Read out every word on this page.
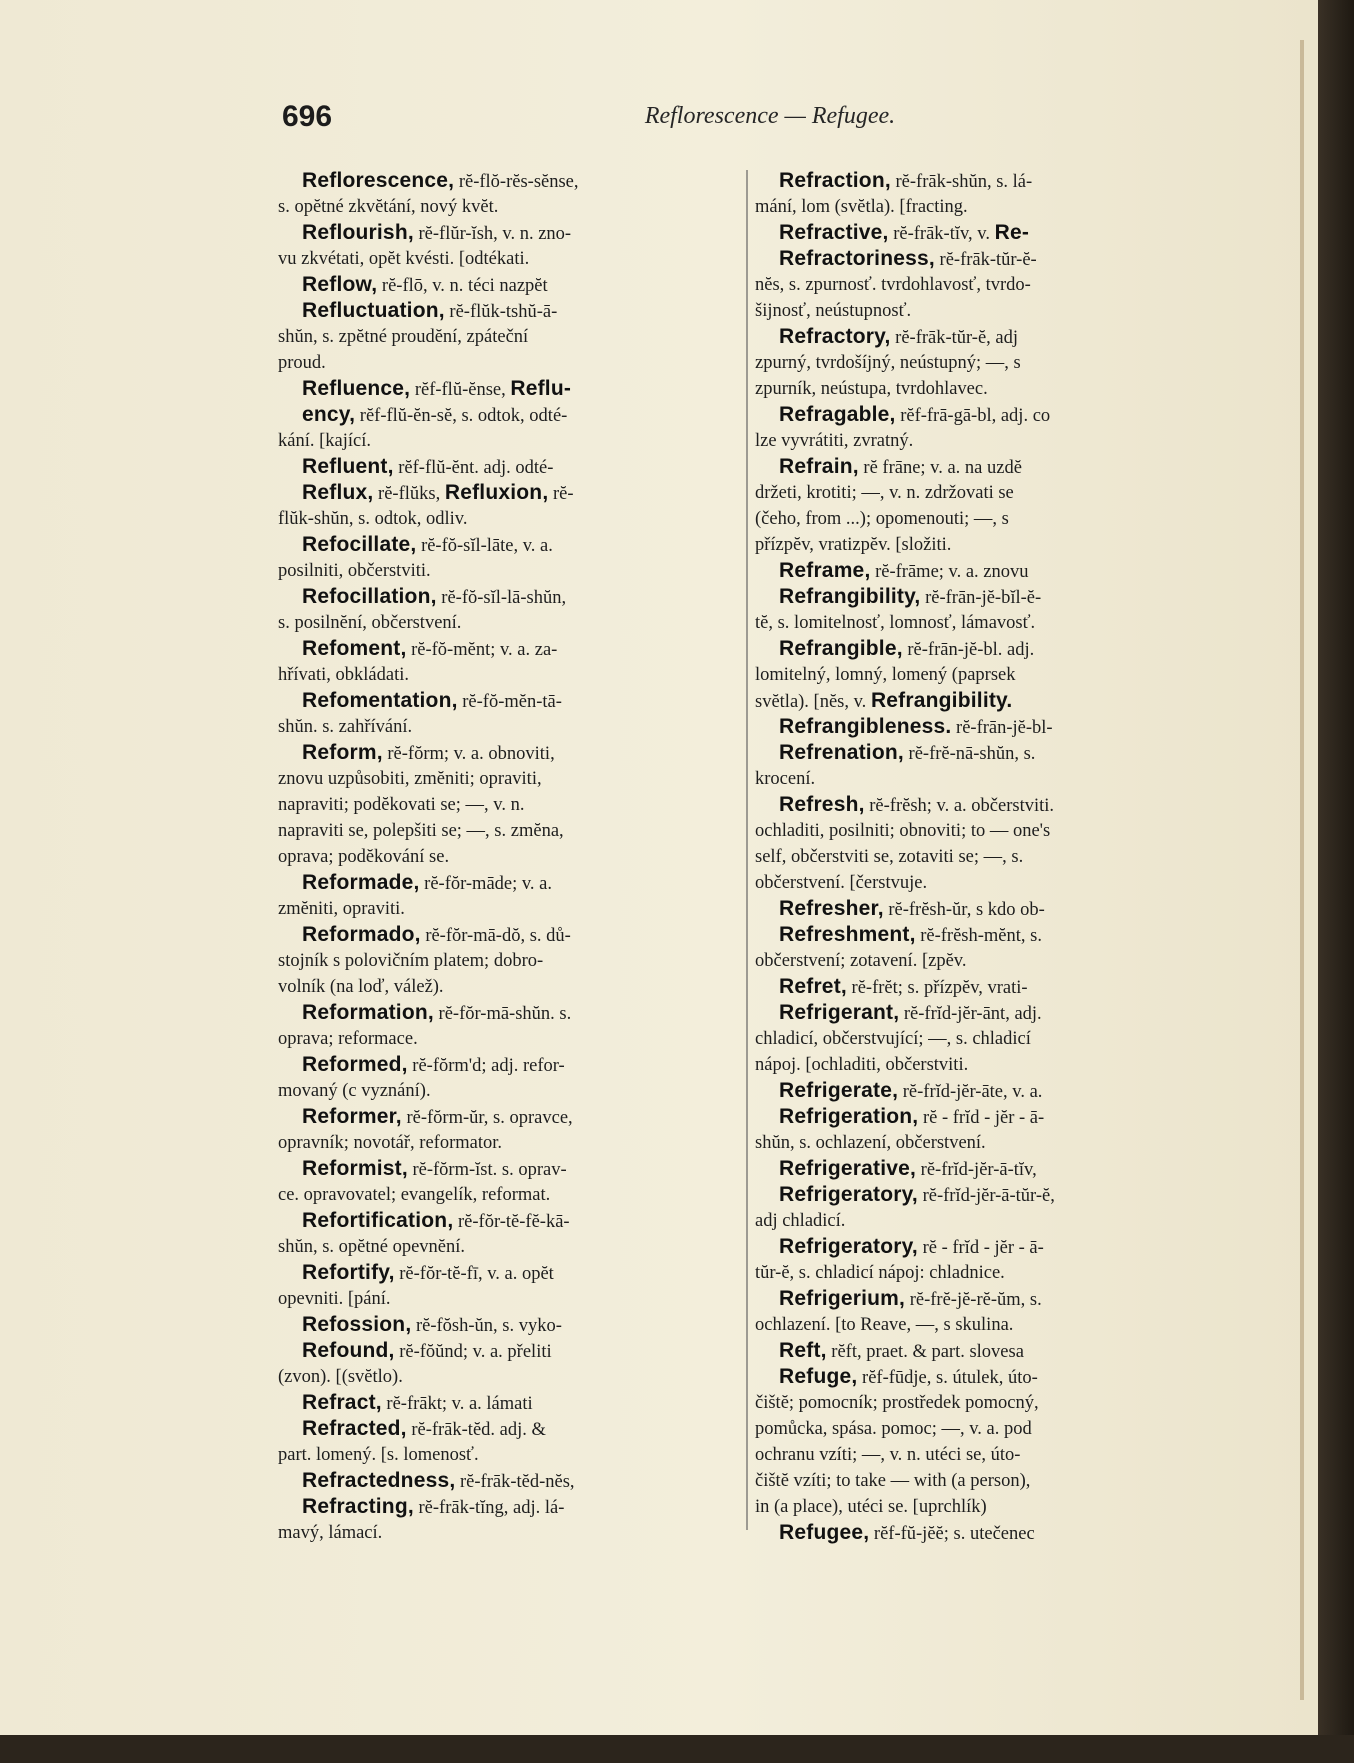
696	Reflorescence — Refugee.
Reflorescence, rĕ-flŏ-rĕs-sĕnse,
s. opĕtné zkvĕtání, nový kvĕt.
Reflourish, rĕ-flŭr-ĭsh, v. n. zno-
vu zkvétati, opĕt kvésti. [odtékati.
Reflow, rĕ-flō, v. n. téci nazpĕt
Refluctuation, rĕ-flŭk-tshŭ-ā-
shŭn, s. zpĕtné proudĕní, zpáteční
proud.
Refluence, rĕf-flŭ-ĕnse, Reflu-
ency, rĕf-flŭ-ĕn-sĕ, s. odtok, odté-
kání. [kající.
Refluent, rĕf-flŭ-ĕnt. adj. odté-
Reflux, rĕ-flŭks, Refluxion, rĕ-
flŭk-shŭn, s. odtok, odliv.
Refocillate, rĕ-fŏ-sĭl-lāte, v. a.
posilniti, občerstviti.
Refocillation, rĕ-fŏ-sĭl-lā-shŭn,
s. posilnĕní, občerstvení.
Refoment, rĕ-fŏ-mĕnt; v. a. za-
hřívati, obkládati.
Refomentation, rĕ-fŏ-mĕn-tā-
shŭn. s. zahřívání.
Reform, rĕ-fŏrm; v. a. obnoviti,
znovu uzpůsobiti, zmĕniti; opraviti,
napraviti; podĕkovati se; —, v. n.
napraviti se, polepšiti se; —, s. zmĕna,
oprava; podĕkování se.
Reformade, rĕ-fŏr-māde; v. a.
zmĕniti, opraviti.
Reformado, rĕ-fŏr-mā-dŏ, s. dů-
stojník s polovičním platem; dobro-
volník (na loď, válež).
Reformation, rĕ-fŏr-mā-shŭn. s.
oprava; reformace.
Reformed, rĕ-fŏrm'd; adj. refor-
movaný (c vyznání).
Reformer, rĕ-fŏrm-ŭr, s. opravce,
opravník; novotář, reformator.
Reformist, rĕ-fŏrm-ĭst. s. oprav-
ce. opravovatel; evangelík, reformat.
Refortification, rĕ-fŏr-tĕ-fĕ-kā-
shŭn, s. opĕtné opevnĕní.
Refortify, rĕ-fŏr-tĕ-fī, v. a. opĕt
opevniti. [pání.
Refossion, rĕ-fŏsh-ŭn, s. vyko-
Refound, rĕ-fŏŭnd; v. a. přeliti
(zvon). [(svĕtlo).
Refract, rĕ-frākt; v. a. lámati
Refracted, rĕ-frāk-tĕd. adj. &
part. lomený. [s. lomenosť.
Refractedness, rĕ-frāk-tĕd-nĕs,
Refracting, rĕ-frāk-tĭng, adj. lá-
mavý, lámací.
Refraction, rĕ-frāk-shŭn, s. lá-
mání, lom (svĕtla). [fracting.
Refractive, rĕ-frāk-tĭv, v. Re-
Refractoriness, rĕ-frāk-tŭr-ĕ-
nĕs, s. zpurnosť. tvrdohlavosť, tvrdo-
šijnosť, neústupnosť.
Refractory, rĕ-frāk-tŭr-ĕ, adj
zpurný, tvrdošíjný, neústupný; —, s
zpurník, neústupa, tvrdohlavec.
Refragable, rĕf-frā-gā-bl, adj. co
lze vyvrátiti, zvratný.
Refrain, rĕ frāne; v. a. na uzdĕ
držeti, krotiti; —, v. n. zdržovati se
(čeho, from ...); opomenouti; —, s
přízpĕv, vratizpĕv. [složiti.
Reframe, rĕ-frāme; v. a. znovu
Refrangibility, rĕ-frān-jĕ-bĭl-ĕ-
tĕ, s. lomitelnosť, lomnosť, lámavosť.
Refrangible, rĕ-frān-jĕ-bl. adj.
lomitelný, lomný, lomený (paprsek
svĕtla). [nĕs, v. Refrangibility.
Refrangibleness. rĕ-frān-jĕ-bl-
Refrenation, rĕ-frĕ-nā-shŭn, s.
krocení.
Refresh, rĕ-frĕsh; v. a. občerstviti.
ochladiti, posilniti; obnoviti; to — one's
self, občerstviti se, zotaviti se; —, s.
občerstvení. [čerstvuje.
Refresher, rĕ-frĕsh-ŭr, s kdo ob-
Refreshment, rĕ-frĕsh-mĕnt, s.
občerstvení; zotavení. [zpĕv.
Refret, rĕ-frĕt; s. přízpĕv, vrati-
Refrigerant, rĕ-frĭd-jĕr-ānt, adj.
chladicí, občerstvující; —, s. chladicí
nápoj. [ochladiti, občerstviti.
Refrigerate, rĕ-frĭd-jĕr-āte, v. a.
Refrigeration, rĕ - frĭd - jĕr - ā-
shŭn, s. ochlazení, občerstvení.
Refrigerative, rĕ-frĭd-jĕr-ā-tĭv,
Refrigeratory, rĕ-frĭd-jĕr-ā-tŭr-ĕ,
adj chladicí.
Refrigeratory, rĕ - frĭd - jĕr - ā-
tŭr-ĕ, s. chladicí nápoj: chladnice.
Refrigerium, rĕ-frĕ-jĕ-rĕ-ŭm, s.
ochlazení. [to Reave, —, s skulina.
Reft, rĕft, praet. & part. slovesa
Refuge, rĕf-fūdje, s. útulek, úto-
čištĕ; pomocník; prostředek pomocný,
pomůcka, spása. pomoc; —, v. a. pod
ochranu vzíti; —, v. n. utéci se, úto-
čištĕ vzíti; to take — with (a person),
in (a place), utéci se. [uprchlík)
Refugee, rĕf-fŭ-jĕĕ; s. utečenec
